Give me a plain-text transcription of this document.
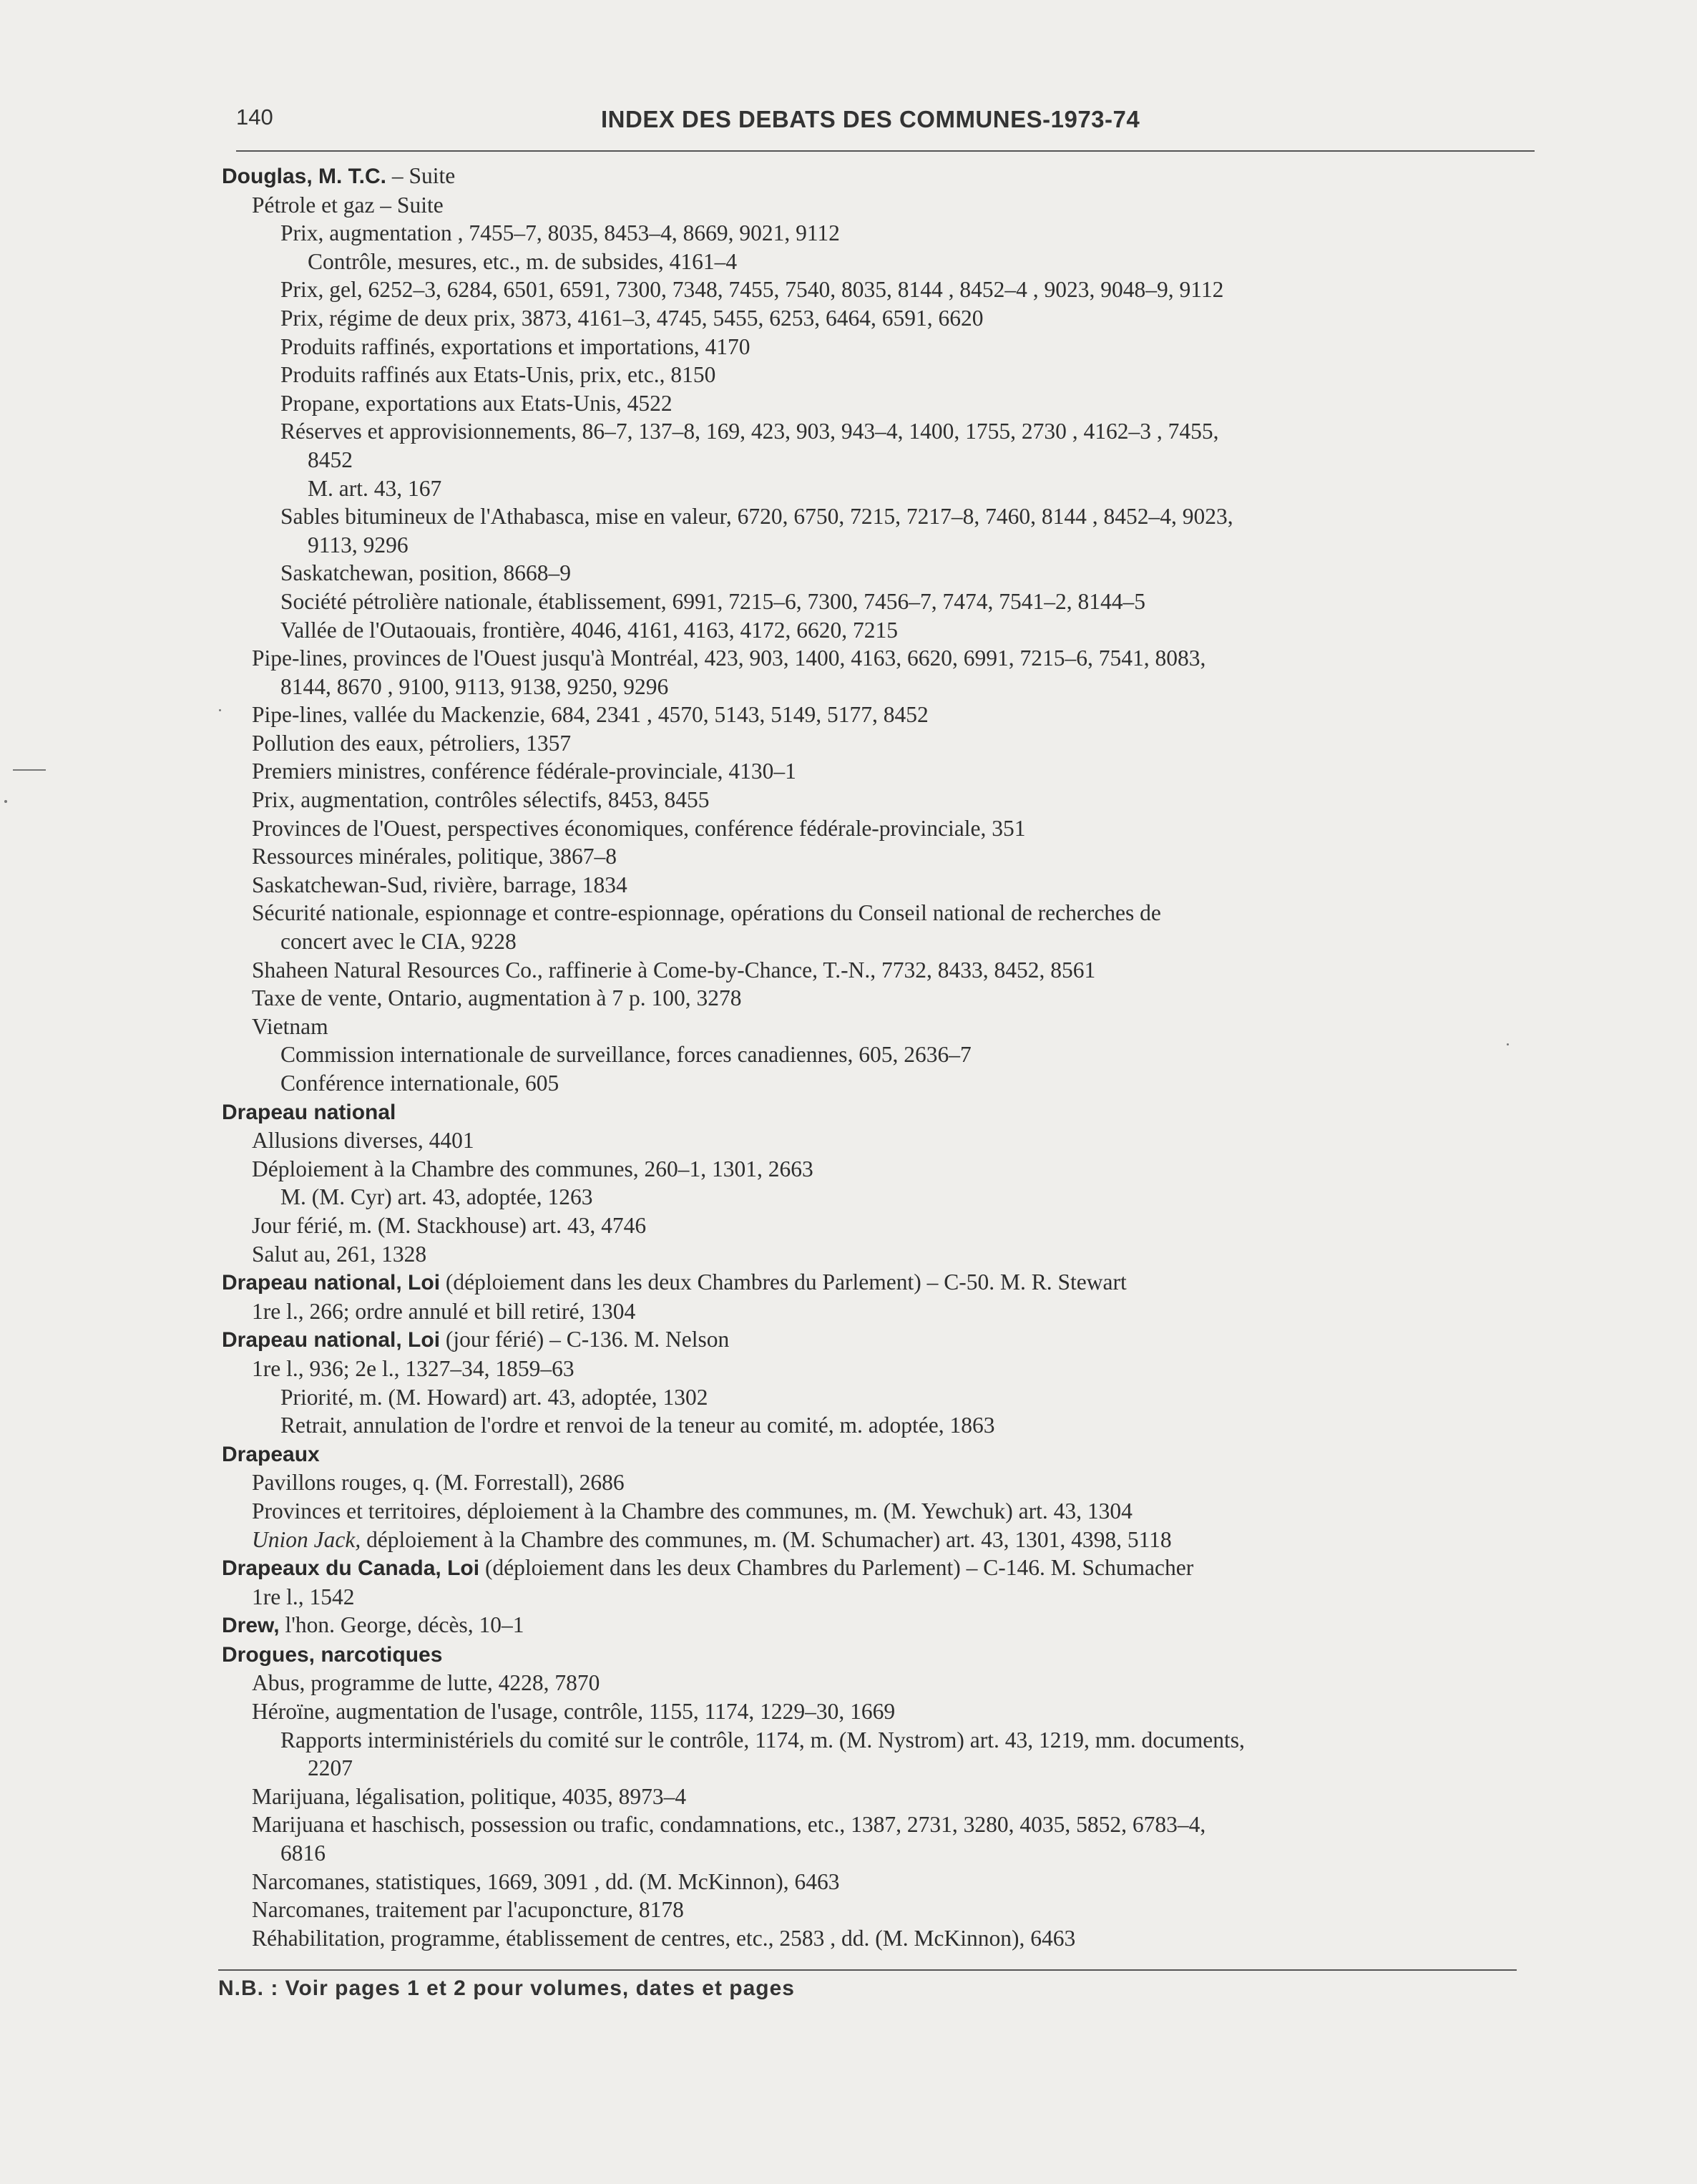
140	INDEX DES DEBATS DES COMMUNES-1973-74
Douglas, M. T.C. – Suite
Pétrole et gaz – Suite
Prix, augmentation , 7455–7, 8035, 8453–4, 8669, 9021, 9112
Contrôle, mesures, etc., m. de subsides, 4161–4
Prix, gel, 6252–3, 6284, 6501, 6591, 7300, 7348, 7455, 7540, 8035, 8144 , 8452–4 , 9023, 9048–9, 9112
Prix, régime de deux prix, 3873, 4161–3, 4745, 5455, 6253, 6464, 6591, 6620
Produits raffinés, exportations et importations, 4170
Produits raffinés aux Etats-Unis, prix, etc., 8150
Propane, exportations aux Etats-Unis, 4522
Réserves et approvisionnements, 86–7, 137–8, 169, 423, 903, 943–4, 1400, 1755, 2730 , 4162–3 , 7455,
8452
M. art. 43, 167
Sables bitumineux de l'Athabasca, mise en valeur, 6720, 6750, 7215, 7217–8, 7460, 8144 , 8452–4, 9023,
9113, 9296
Saskatchewan, position, 8668–9
Société pétrolière nationale, établissement, 6991, 7215–6, 7300, 7456–7, 7474, 7541–2, 8144–5
Vallée de l'Outaouais, frontière, 4046, 4161, 4163, 4172, 6620, 7215
Pipe-lines, provinces de l'Ouest jusqu'à Montréal, 423, 903, 1400, 4163, 6620, 6991, 7215–6, 7541, 8083,
8144, 8670 , 9100, 9113, 9138, 9250, 9296
Pipe-lines, vallée du Mackenzie, 684, 2341 , 4570, 5143, 5149, 5177, 8452
Pollution des eaux, pétroliers, 1357
Premiers ministres, conférence fédérale-provinciale, 4130–1
Prix, augmentation, contrôles sélectifs, 8453, 8455
Provinces de l'Ouest, perspectives économiques, conférence fédérale-provinciale, 351
Ressources minérales, politique, 3867–8
Saskatchewan-Sud, rivière, barrage, 1834
Sécurité nationale, espionnage et contre-espionnage, opérations du Conseil national de recherches de
concert avec le CIA, 9228
Shaheen Natural Resources Co., raffinerie à Come-by-Chance, T.-N., 7732, 8433, 8452, 8561
Taxe de vente, Ontario, augmentation à 7 p. 100, 3278
Vietnam
Commission internationale de surveillance, forces canadiennes, 605, 2636–7
Conférence internationale, 605
Drapeau national
Allusions diverses, 4401
Déploiement à la Chambre des communes, 260–1, 1301, 2663
M. (M. Cyr) art. 43, adoptée, 1263
Jour férié, m. (M. Stackhouse) art. 43, 4746
Salut au, 261, 1328
Drapeau national, Loi (déploiement dans les deux Chambres du Parlement) – C-50. M. R. Stewart
1re l., 266; ordre annulé et bill retiré, 1304
Drapeau national, Loi (jour férié) – C-136. M. Nelson
1re l., 936; 2e l., 1327–34, 1859–63
Priorité, m. (M. Howard) art. 43, adoptée, 1302
Retrait, annulation de l'ordre et renvoi de la teneur au comité, m. adoptée, 1863
Drapeaux
Pavillons rouges, q. (M. Forrestall), 2686
Provinces et territoires, déploiement à la Chambre des communes, m. (M. Yewchuk) art. 43, 1304
Union Jack, déploiement à la Chambre des communes, m. (M. Schumacher) art. 43, 1301, 4398, 5118
Drapeaux du Canada, Loi (déploiement dans les deux Chambres du Parlement) – C-146. M. Schumacher
1re l., 1542
Drew, l'hon. George, décès, 10–1
Drogues, narcotiques
Abus, programme de lutte, 4228, 7870
Héroïne, augmentation de l'usage, contrôle, 1155, 1174, 1229–30, 1669
Rapports interministériels du comité sur le contrôle, 1174, m. (M. Nystrom) art. 43, 1219, mm. documents,
2207
Marijuana, légalisation, politique, 4035, 8973–4
Marijuana et haschisch, possession ou trafic, condamnations, etc., 1387, 2731, 3280, 4035, 5852, 6783–4,
6816
Narcomanes, statistiques, 1669, 3091 , dd. (M. McKinnon), 6463
Narcomanes, traitement par l'acuponcture, 8178
Réhabilitation, programme, établissement de centres, etc., 2583 , dd. (M. McKinnon), 6463
N.B. : Voir pages 1 et 2 pour volumes, dates et pages
